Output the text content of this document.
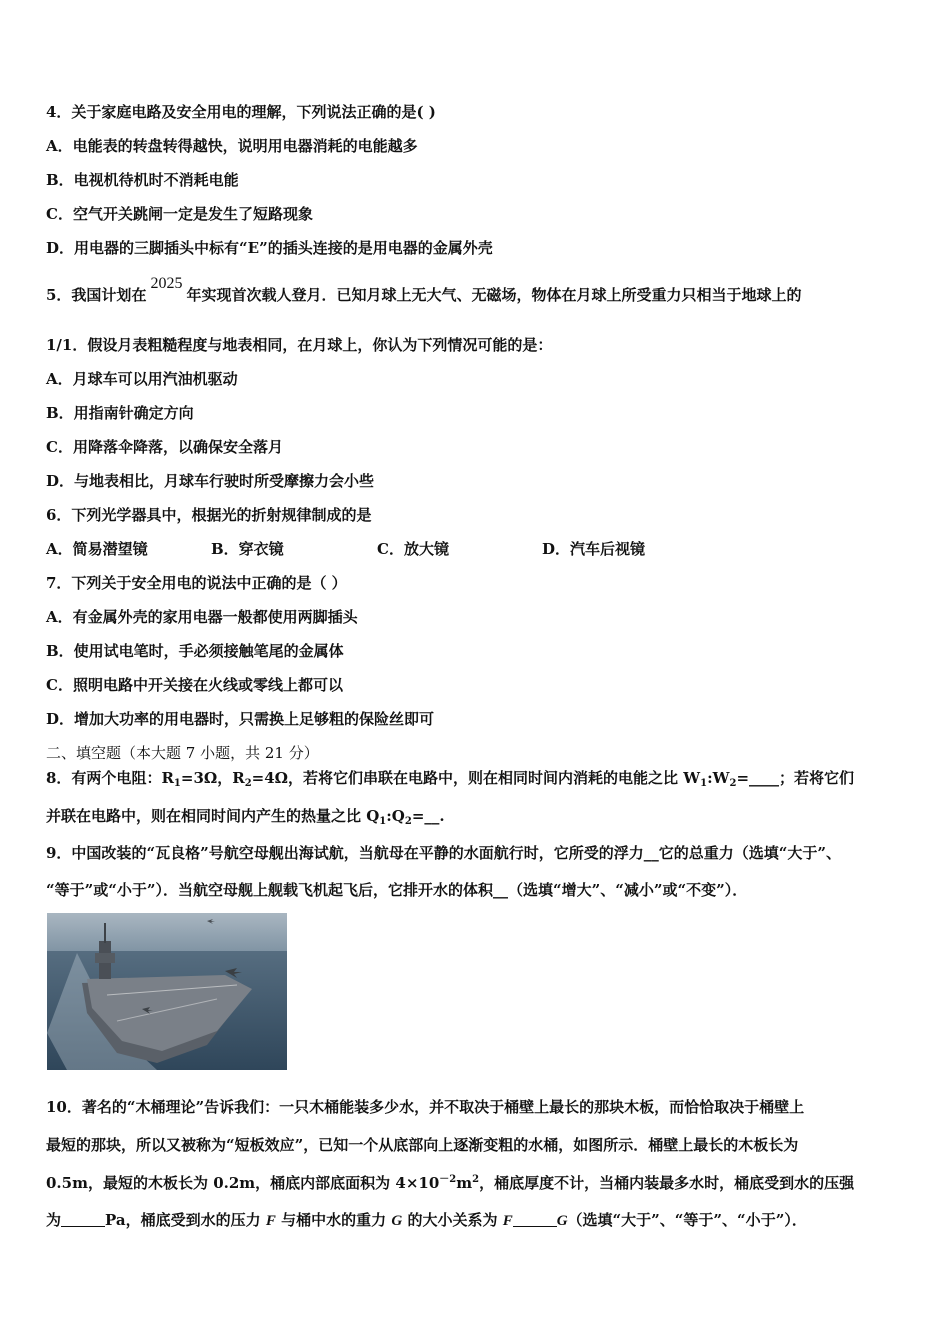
4．关于家庭电路及安全用电的理解，下列说法正确的是( )
A．电能表的转盘转得越快，说明用电器消耗的电能越多
B．电视机待机时不消耗电能
C．空气开关跳闸一定是发生了短路现象
D．用电器的三脚插头中标有“E”的插头连接的是用电器的金属外壳
5．我国计划在2025年实现首次载人登月．已知月球上无大气、无磁场，物体在月球上所受重力只相当于地球上的
1/1．假设月表粗糙程度与地表相同，在月球上，你认为下列情况可能的是：
A．月球车可以用汽油机驱动
B．用指南针确定方向
C．用降落伞降落，以确保安全落月
D．与地表相比，月球车行驶时所受摩擦力会小些
6．下列光学器具中，根据光的折射规律制成的是
A．简易潜望镜	B．穿衣镜	C．放大镜	D．汽车后视镜
7．下列关于安全用电的说法中正确的是（ ）
A．有金属外壳的家用电器一般都使用两脚插头
B．使用试电笔时，手必须接触笔尾的金属体
C．照明电路中开关接在火线或零线上都可以
D．增加大功率的用电器时，只需换上足够粗的保险丝即可
二、填空题（本大题 7 小题，共 21 分）
8．有两个电阻：$R_1=3\Omega$，$R_2=4\Omega$，若将它们串联在电路中，则在相同时间内消耗的电能之比 $W_1:W_2=\_\_\_\_$；若将它们
并联在电路中，则在相同时间内产生的热量之比 $Q_1:Q_2=\_\_$.
9．中国改装的“瓦良格”号航空母舰出海试航，当航母在平静的水面航行时，它所受的浮力__它的总重力（选填“大于”、
“等于”或“小于”）．当航空母舰上舰载飞机起飞后，它排开水的体积__（选填“增大”、“减小”或“不变”）．
10．著名的“木桶理论”告诉我们：一只木桶能装多少水，并不取决于桶壁上最长的那块木板，而恰恰取决于桶壁上
最短的那块，所以又被称为“短板效应”，已知一个从底部向上逐渐变粗的水桶，如图所示．桶壁上最长的木板长为
0.5m，最短的木板长为 0.2m，桶底内部底面积为 $4\times 10^{-2}m^2$，桶底厚度不计，当桶内装最多水时，桶底受到水的压强
为	Pa，桶底受到水的压力 F 与桶中水的重力 G 的大小关系为 F	G（选填“大于”、“等于”、“小于”）．
